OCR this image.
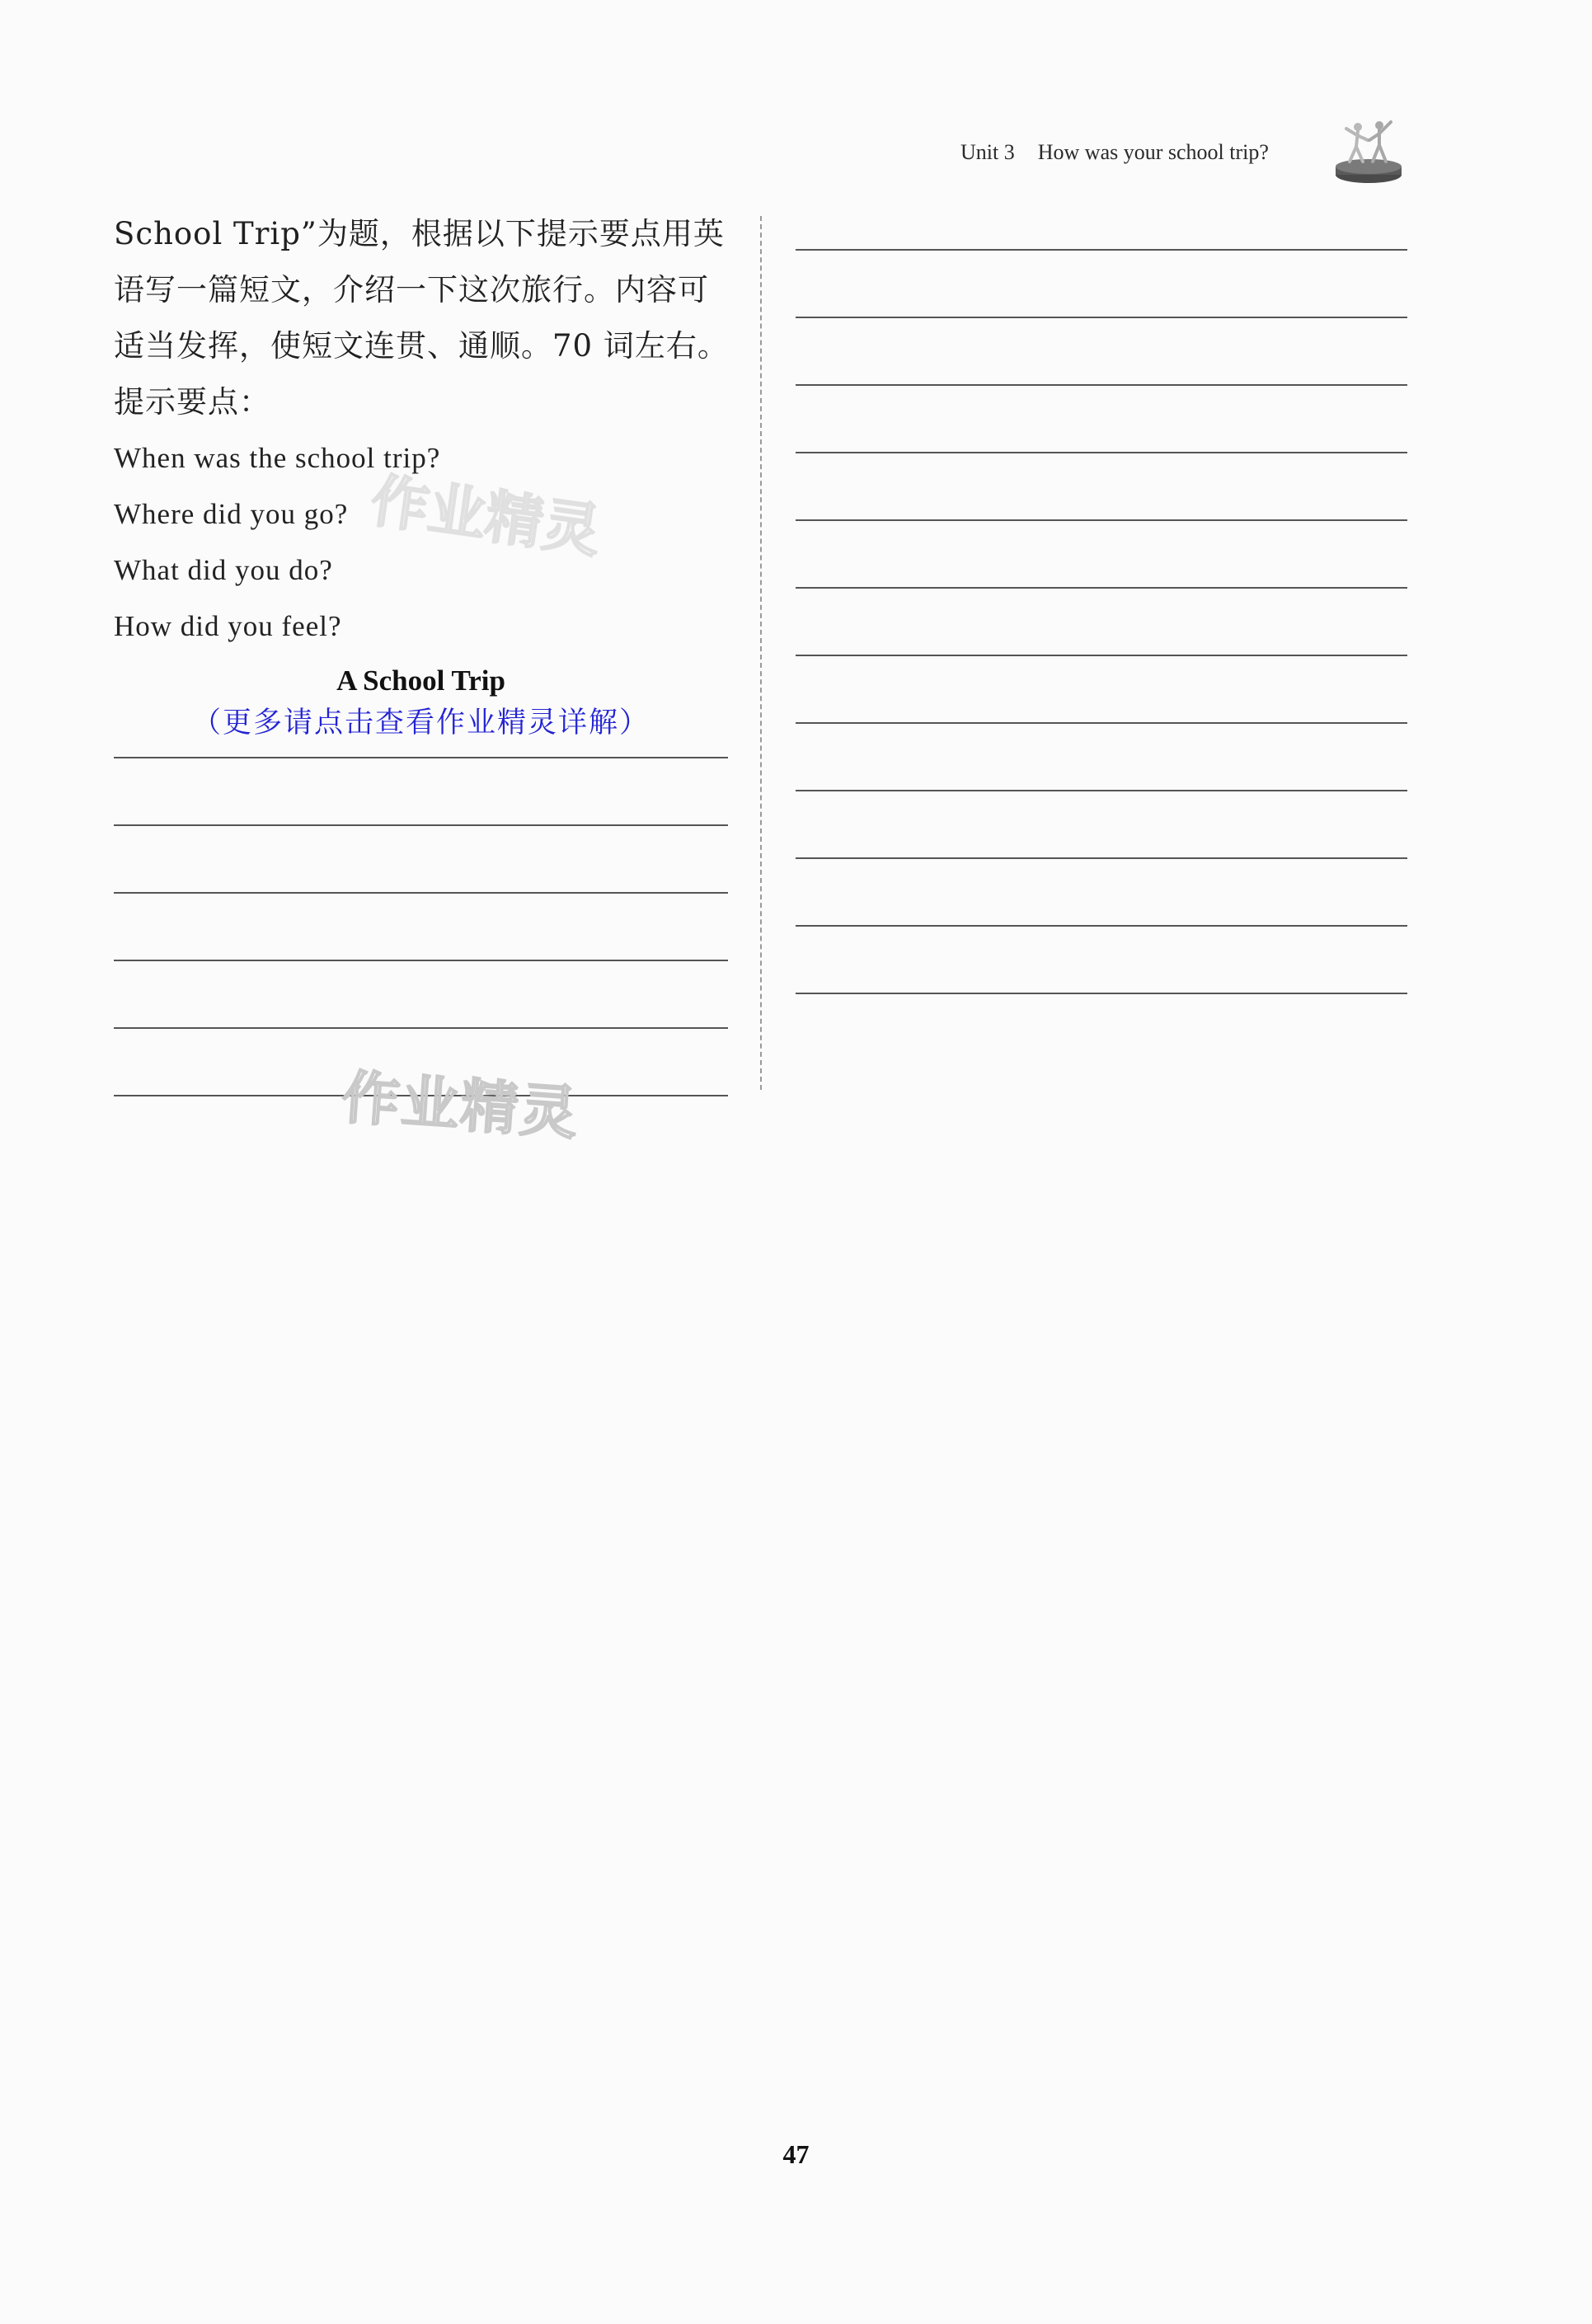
Unit 3 How was your school trip?
School Trip”为题，根据以下提示要点用英
语写一篇短文，介绍一下这次旅行。内容可
适当发挥，使短文连贯、通顺。70 词左右。
提示要点：
When was the school trip?
Where did you go?
What did you do?
How did you feel?
A School Trip
（更多请点击查看作业精灵详解）
作业精灵
作业精灵
47
